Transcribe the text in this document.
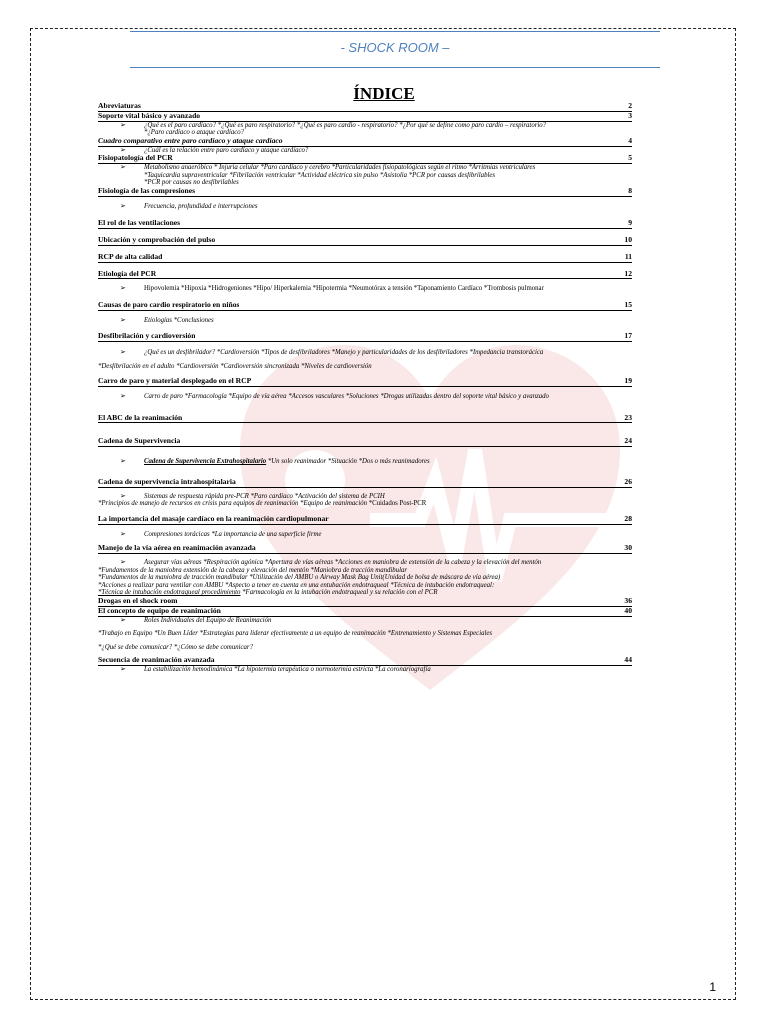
- SHOCK ROOM –
ÍNDICE
Abreviaturas	2
Soporte vital básico y avanzado	3
➢	¿Qué es el paro cardíaco? *¿Qué es paro respiratorio? *¿Qué es paro cardio - respiratorio? *¿Por qué se define como paro cardio – respiratorio?
*¿Paro cardíaco o ataque cardíaco?
Cuadro comparativo entre paro cardíaco y ataque cardíaco	4
➢	¿Cuál es la relación entre paro cardíaco y ataque cardíaco?
Fisiopatología del PCR	5
➢	Metabolismo anaeróbico * Injuria celular *Paro cardíaco y cerebro *Particularidades fisiopatológicas según el ritmo *Arritmias ventriculares
*Taquicardia supraventricular *Fibrilación ventricular *Actividad eléctrica sin pulso *Asistolia *PCR por causas desfibrilables
*PCR por causas no desfibrilables
Fisiología de las compresiones	8
➢	Frecuencia, profundidad e interrupciones
El rol de las ventilaciones	9
Ubicación y comprobación del pulso	10
RCP de alta calidad	11
Etiología del PCR	12
➢	Hipovolemia *Hipoxia *Hidrogeniones *Hipo/ Hiperkalemia *Hipotermia *Neumotórax a tensión *Taponamiento Cardíaco *Trombosis pulmonar
Causas de paro cardio respiratorio en niños	15
➢	Etiologías *Conclusiones
Desfibrilación y cardioversión	17
➢	¿Qué es un desfibrilador? *Cardioversión *Tipos de desfibriladores *Manejo y particularidades de los desfibriladores *Impedancia transtorácica
*Desfibrilación en el adulto *Cardioversión *Cardioversión sincronizada *Niveles de cardioversión
Carro de paro y material desplegado en el RCP	19
➢	Carro de paro *Farmacología *Equipo de vía aérea *Accesos vasculares *Soluciones *Drogas utilizadas dentro del soporte vital básico y avanzado
El ABC de la reanimación	23
Cadena de Supervivencia	24
➢	Cadena de Supervivencia Extrahospitalario *Un solo reanimador *Situación *Dos o más reanimadores
Cadena de supervivencia intrahospitalaria	26
➢	Sistemas de respuesta rápida pre-PCR *Paro cardíaco *Activación del sistema de PCIH
*Principios de manejo de recursos en crisis para equipos de reanimación *Equipo de reanimación *Cuidados Post-PCR
La importancia del masaje cardíaco en la reanimación cardiopulmonar	28
➢	Compresiones torácicas *La importancia de una superficie firme
Manejo de la vía aérea en reanimación avanzada	30
➢	Asegurar vías aéreas *Respiración agónica *Apertura de vías aéreas *Acciones en maniobra de extensión de la cabeza y la elevación del mentón
*Fundamentos de la maniobra extensión de la cabeza y elevación del mentón *Maniobra de tracción mandibular
*Fundamentos de la maniobra de tracción mandibular *Utilización del AMBU o Airway Mask Bag Unit(Unidad de bolsa de máscara de vía aérea)
*Acciones a realizar para ventilar con AMBU *Aspecto a tener en cuenta en una entubación endotraqueal *Técnica de intubación endotraqueal:
*Técnica de intubación endotraqueal procedimiento *Farmacología en la intubación endotraqueal y su relación con el PCR
Drogas en el shock room	36
El concepto de equipo de reanimación	40
➢	Roles Individuales del Equipo de Reanimación
*Trabajo en Equipo *Un Buen Líder *Estrategias para liderar efectivamente a un equipo de reanimación *Entrenamiento y Sistemas Especiales
*¿Qué se debe comunicar? *¿Cómo se debe comunicar?
Secuencia de reanimación avanzada	44
➢	La estabilización hemodinámica *La hipotermia terapéutica o normotermia estricta *La coronariografía
1
